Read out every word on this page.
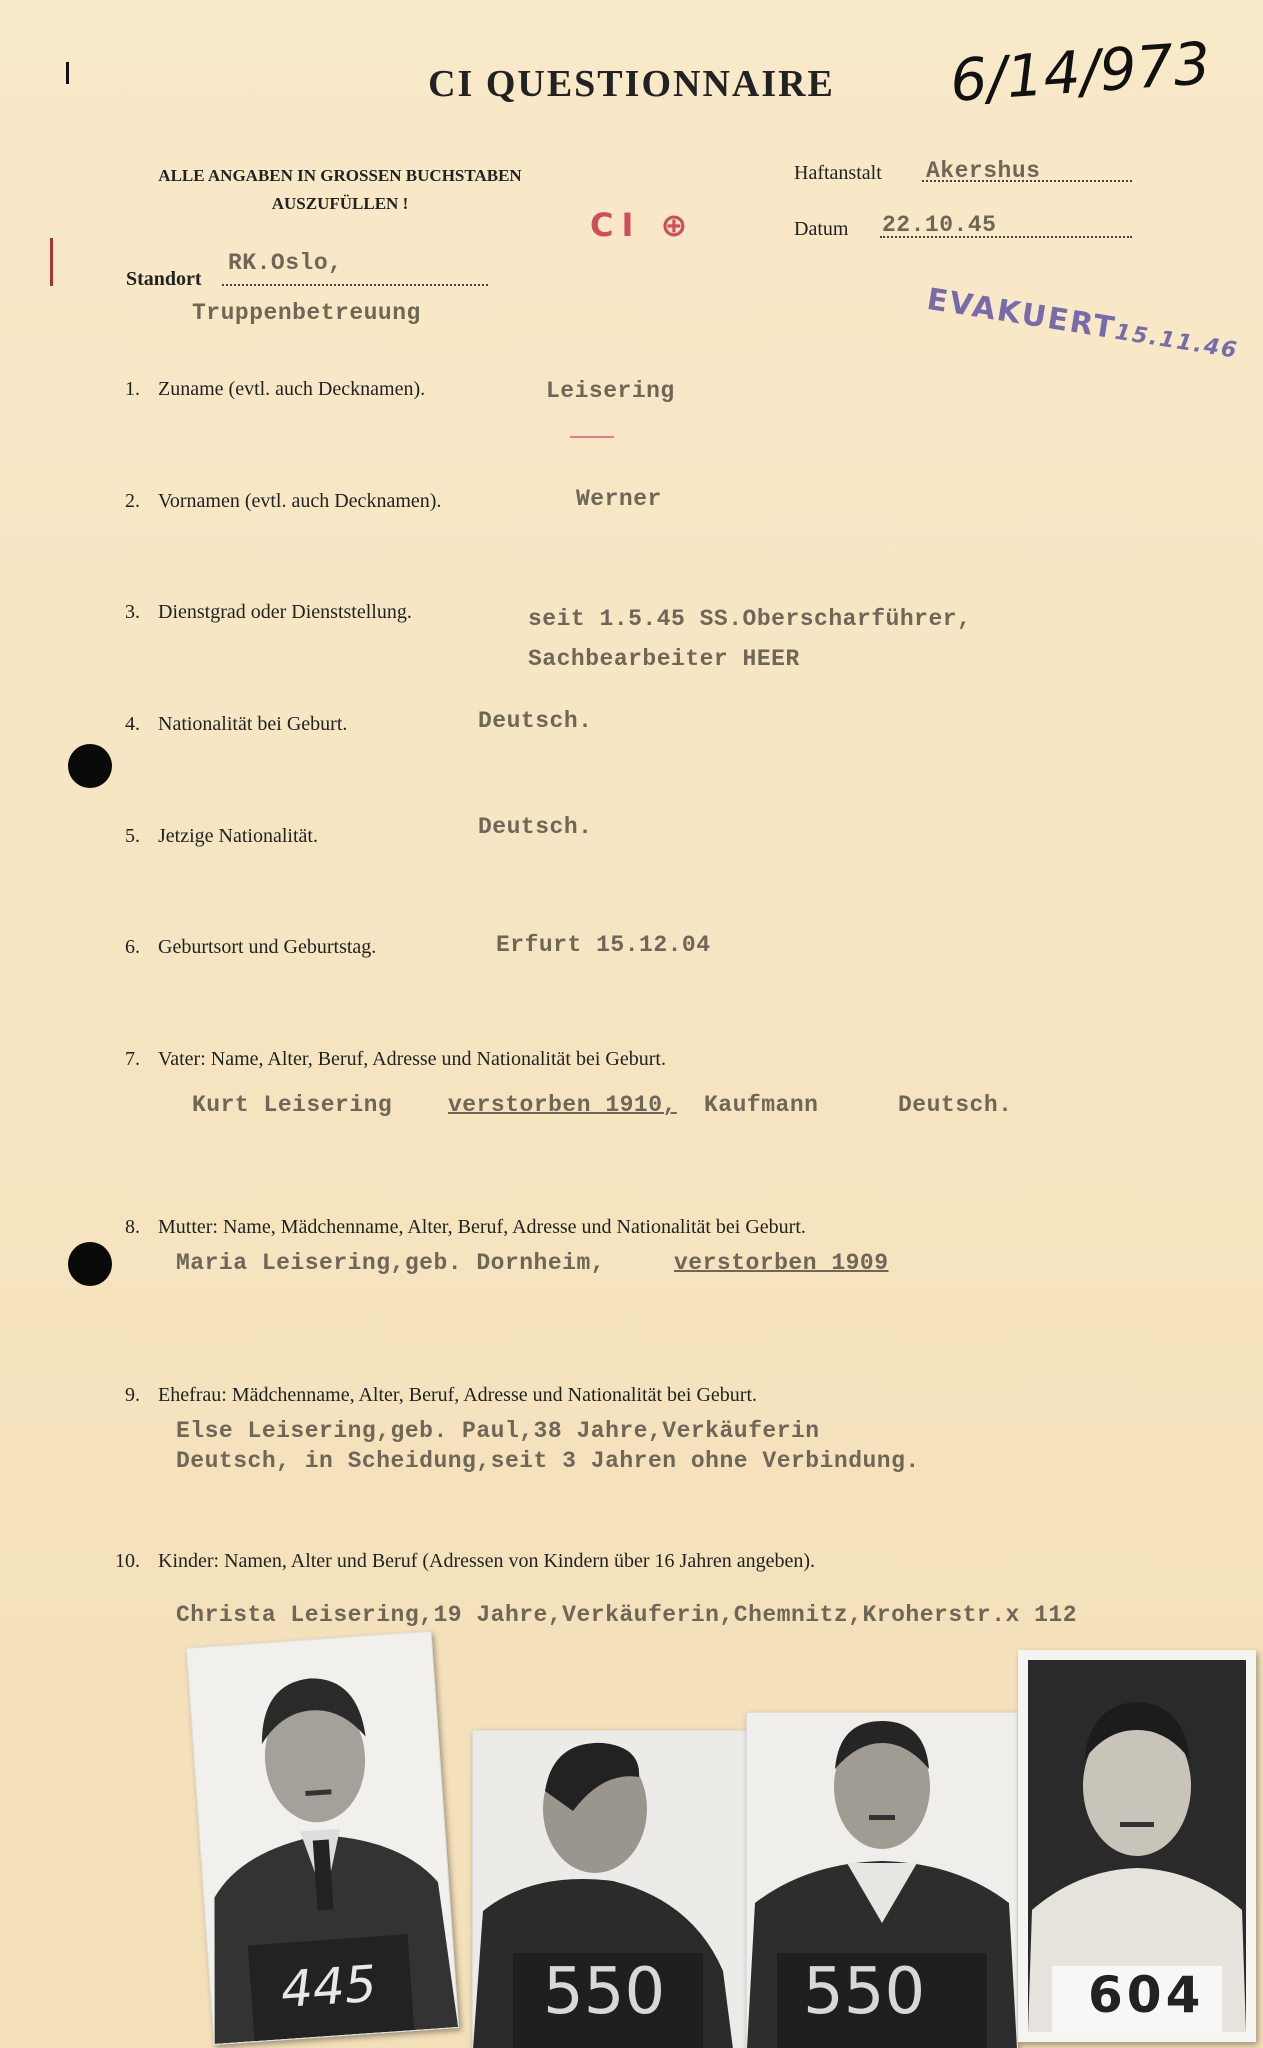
CI QUESTIONNAIRE	6/14/973
ALLE ANGABEN IN GROSSEN BUCHSTABEN
AUSZUFÜLLEN !
Haftanstalt Akershus
Datum 22.10.45
CI ⊕
EVAKUERT15.11.46
Standort
RK.Oslo,
Truppenbetreuung
1. Zuname (evtl. auch Decknamen).	Leisering
2. Vornamen (evtl. auch Decknamen).	Werner
3. Dienstgrad oder Dienststellung.	seit 1.5.45 SS.Oberscharführer,
Sachbearbeiter HEER
4. Nationalität bei Geburt.	Deutsch.
5. Jetzige Nationalität.	Deutsch.
6. Geburtsort und Geburtstag.	Erfurt 15.12.04
7. Vater: Name, Alter, Beruf, Adresse und Nationalität bei Geburt.
Kurt Leisering verstorben 1910, Kaufmann	Deutsch.
8. Mutter: Name, Mädchenname, Alter, Beruf, Adresse und Nationalität bei Geburt.
Maria Leisering,geb. Dornheim,	verstorben 1909
9. Ehefrau: Mädchenname, Alter, Beruf, Adresse und Nationalität bei Geburt.
Else Leisering,geb. Paul,38 Jahre,Verkäuferin
Deutsch, in Scheidung,seit 3 Jahren ohne Verbindung.
10. Kinder: Namen, Alter und Beruf (Adressen von Kindern über 16 Jahren angeben).
Christa Leisering,19 Jahre,Verkäuferin,Chemnitz,Kroherstr.x 112
445	550 550	604
